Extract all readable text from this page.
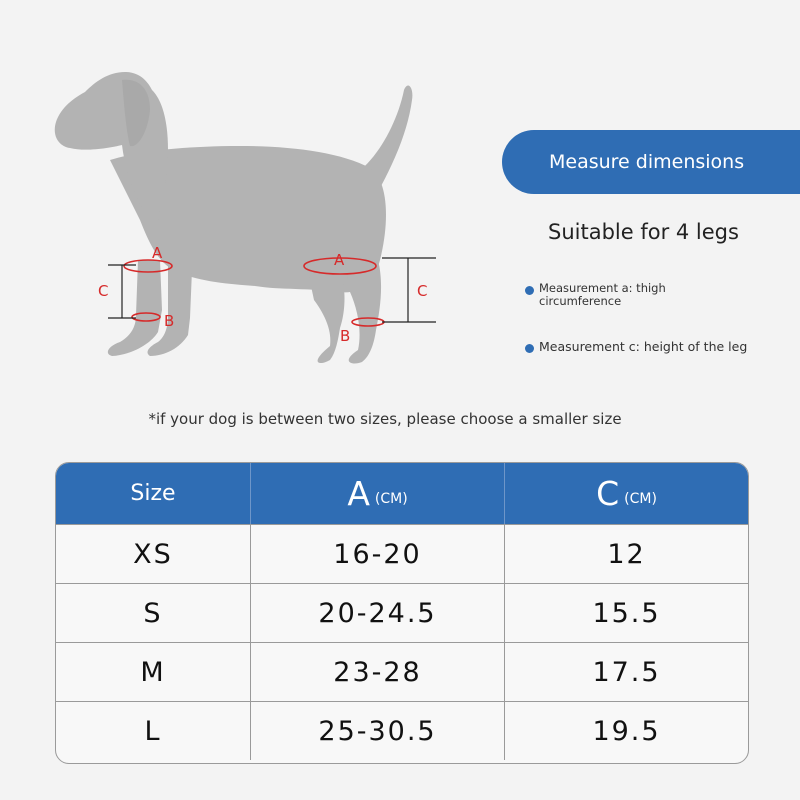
A
B
C
A
B
C
Measure dimensions
Suitable for 4 legs
Measurement a: thigh circumference
Measurement c: height of the leg
*if your dog is between two sizes, please choose a smaller size
Size	A (CM)	C (CM)
XS	16-20	12
S	20-24.5	15.5
M	23-28	17.5
L	25-30.5	19.5
